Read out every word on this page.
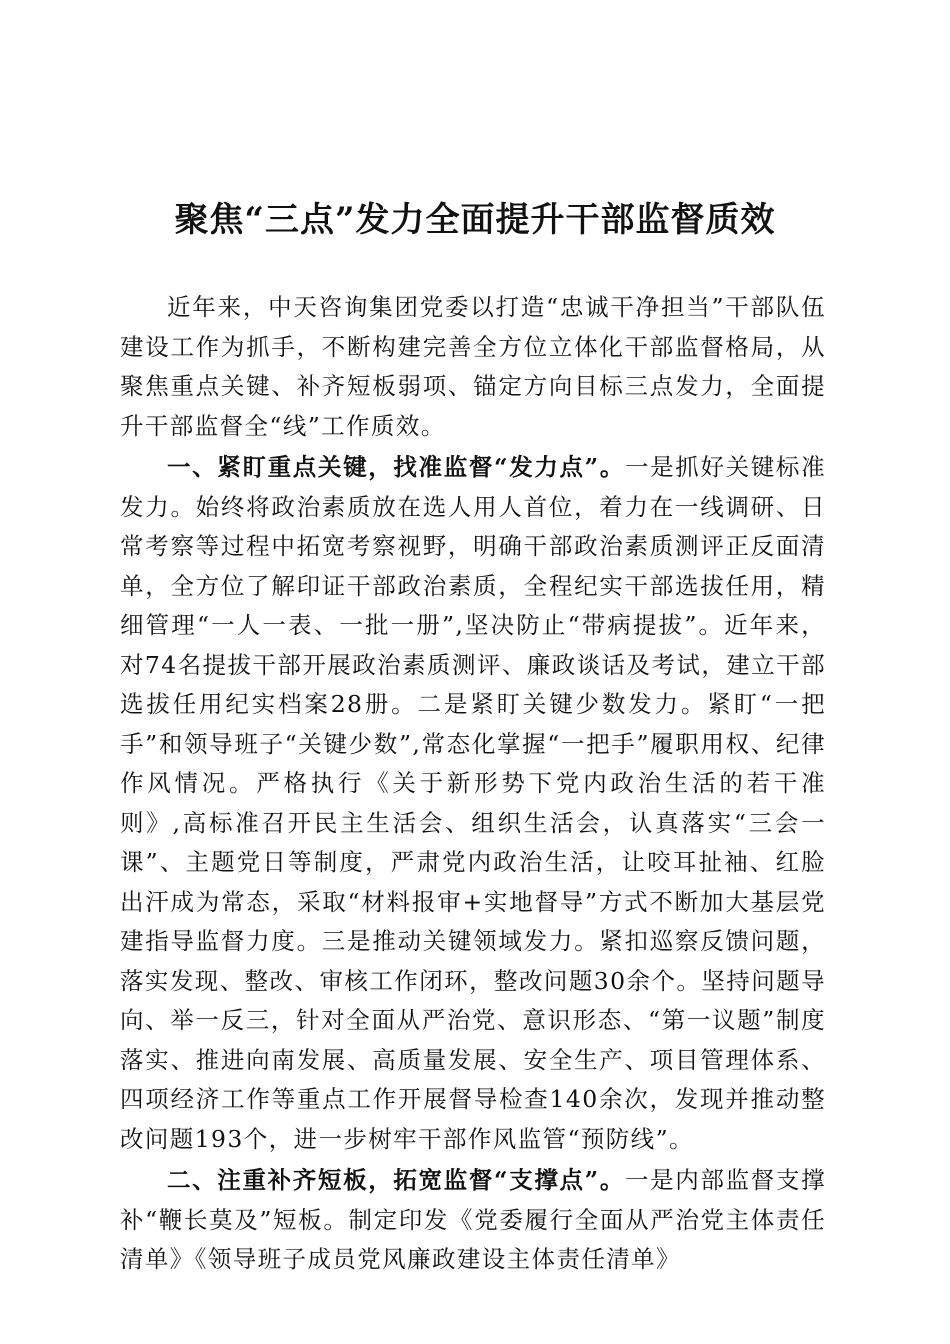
聚焦“三点”发力全面提升干部监督质效

近年来，中天咨询集团党委以打造“忠诚干净担当”干部队伍建设工作为抓手，不断构建完善全方位立体化干部监督格局，从聚焦重点关键、补齐短板弱项、锚定方向目标三点发力，全面提升干部监督全“线”工作质效。

一、紧盯重点关键，找准监督“发力点”。一是抓好关键标准发力。始终将政治素质放在选人用人首位，着力在一线调研、日常考察等过程中拓宽考察视野，明确干部政治素质测评正反面清单，全方位了解印证干部政治素质，全程纪实干部选拔任用，精细管理“一人一表、一批一册”,坚决防止“带病提拔”。近年来，对74名提拔干部开展政治素质测评、廉政谈话及考试，建立干部选拔任用纪实档案28册。二是紧盯关键少数发力。紧盯“一把手”和领导班子“关键少数”,常态化掌握“一把手”履职用权、纪律作风情况。严格执行《关于新形势下党内政治生活的若干准则》,高标准召开民主生活会、组织生活会，认真落实“三会一课”、主题党日等制度，严肃党内政治生活，让咬耳扯袖、红脸出汗成为常态，采取“材料报审+实地督导”方式不断加大基层党建指导监督力度。三是推动关键领域发力。紧扣巡察反馈问题，落实发现、整改、审核工作闭环，整改问题30余个。坚持问题导向、举一反三，针对全面从严治党、意识形态、“第一议题”制度落实、推进向南发展、高质量发展、安全生产、项目管理体系、四项经济工作等重点工作开展督导检查140余次，发现并推动整改问题193个，进一步树牢干部作风监管“预防线”。

二、注重补齐短板，拓宽监督“支撑点”。一是内部监督支撑补“鞭长莫及”短板。制定印发《党委履行全面从严治党主体责任清单》《领导班子成员党风廉政建设主体责任清单》
